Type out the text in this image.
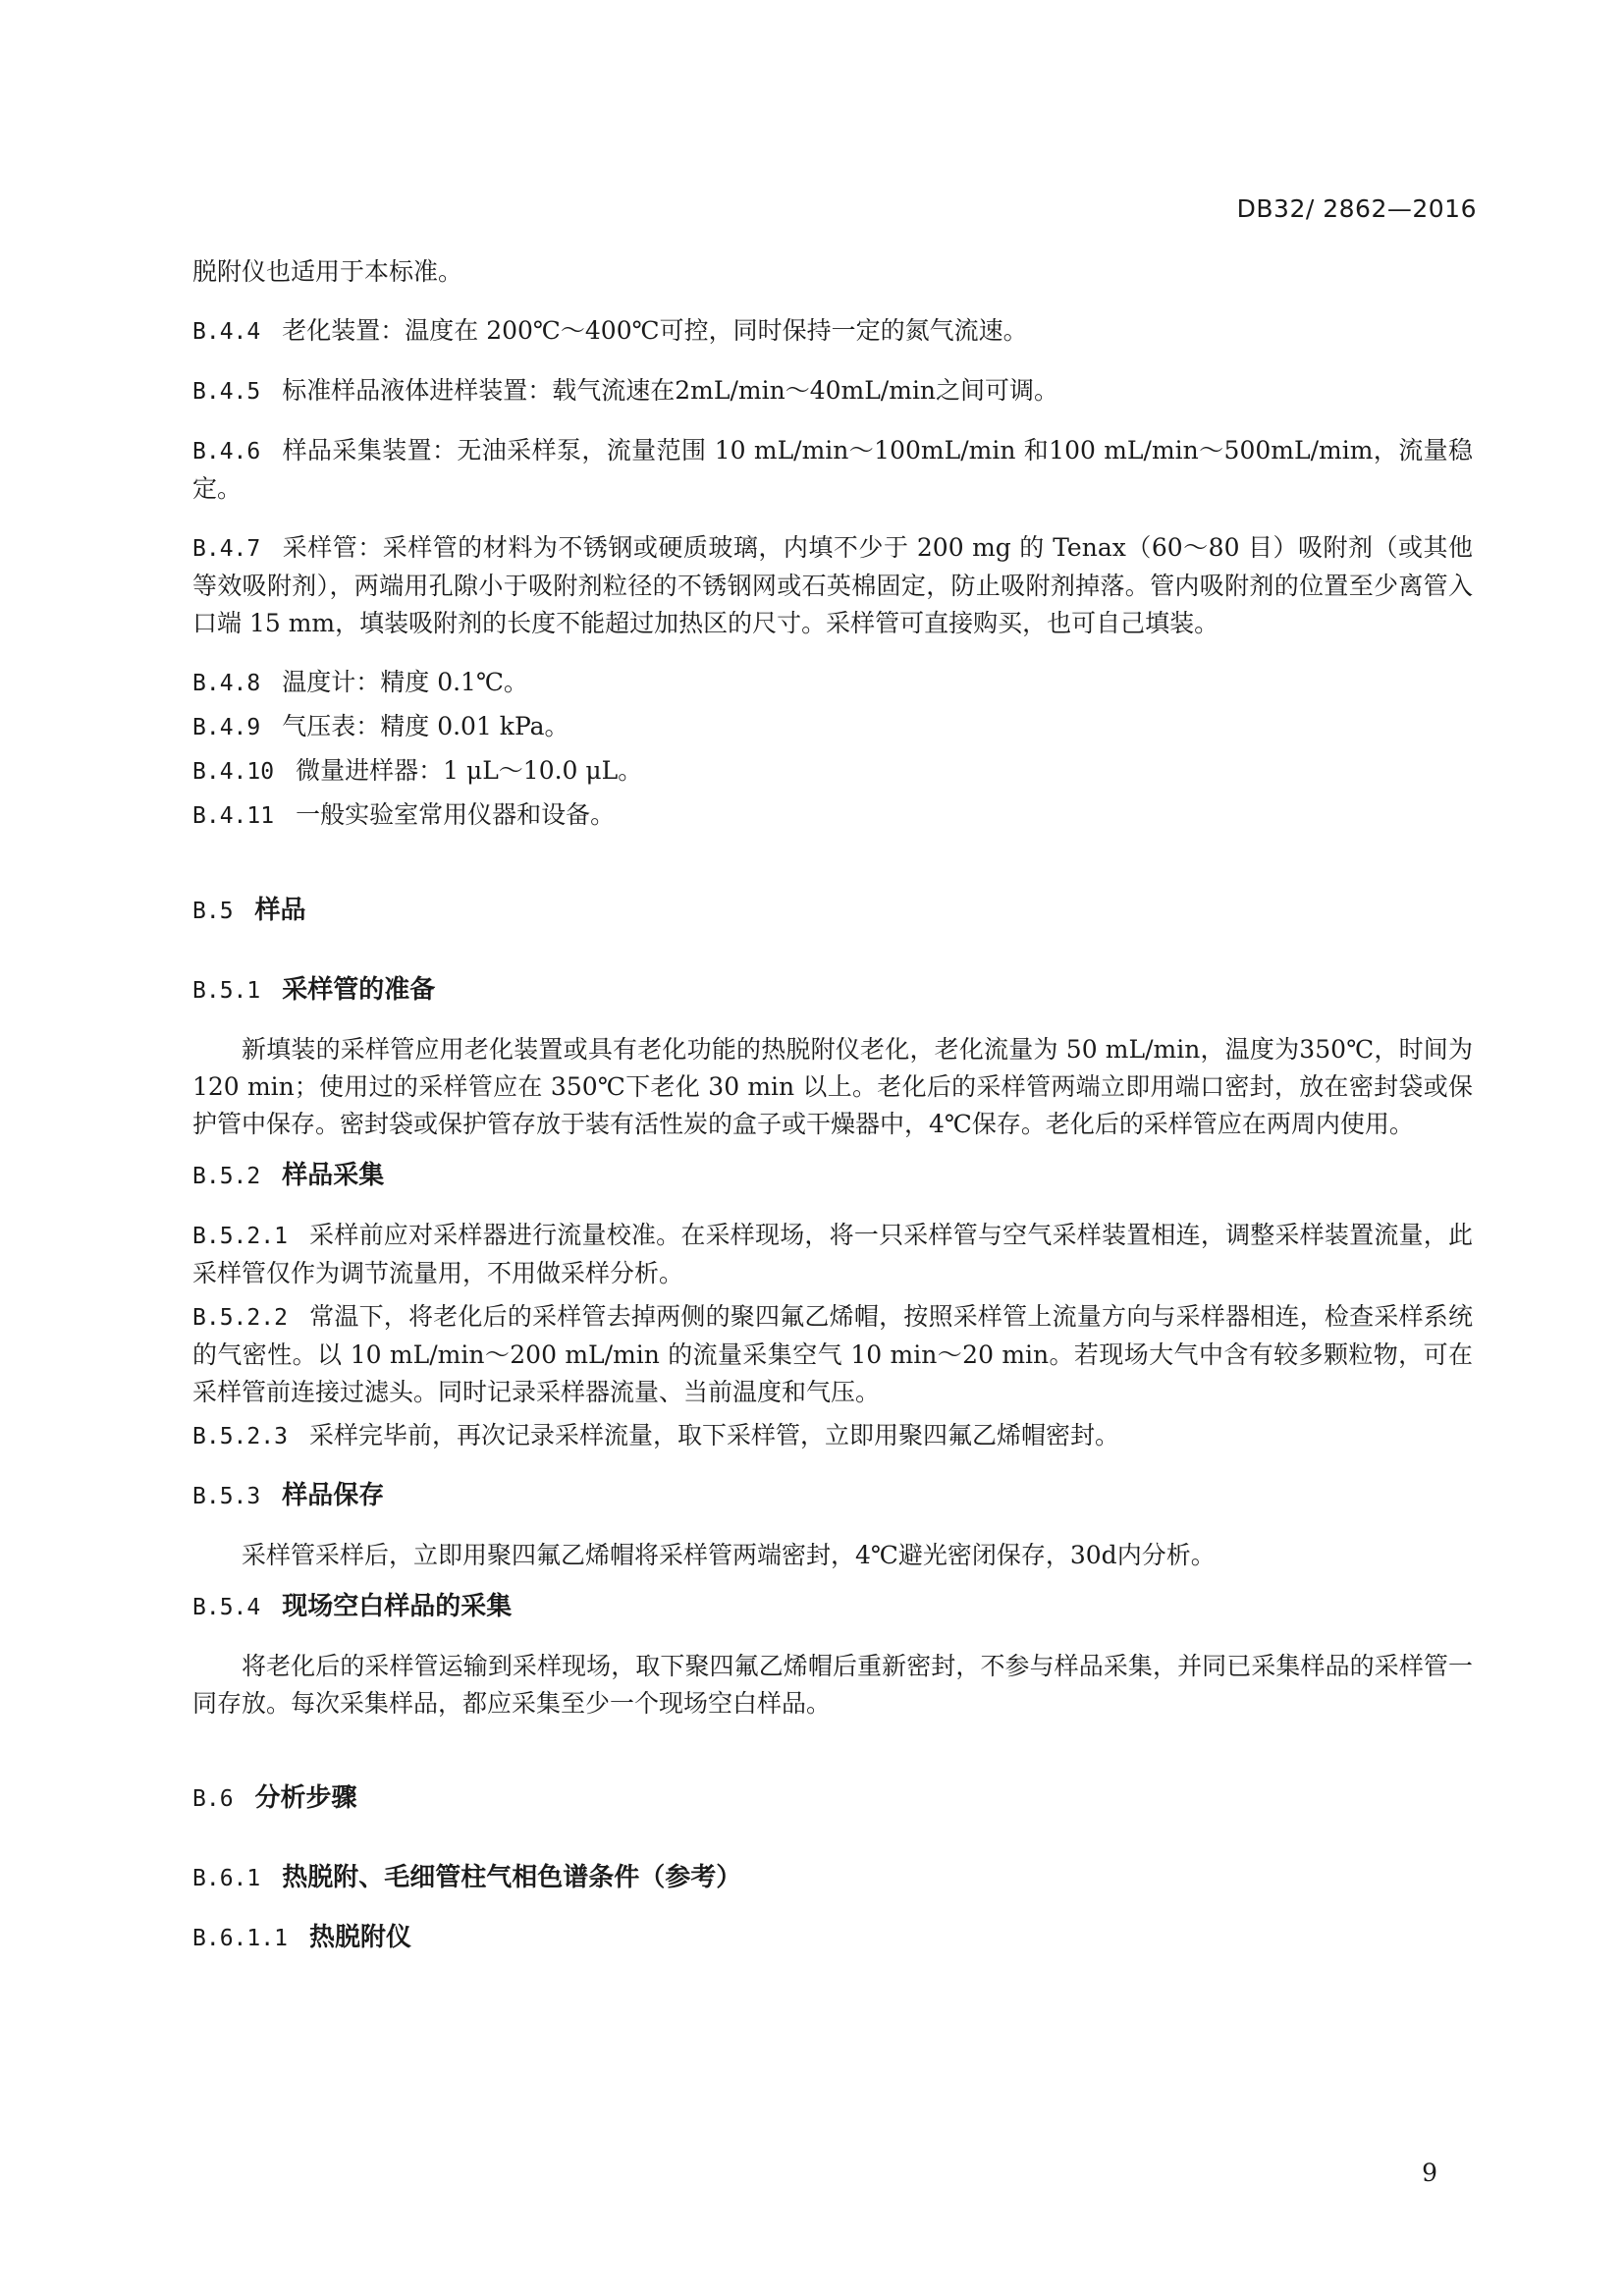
DB32/ 2862—2016
脱附仪也适用于本标准。
B.4.4 老化装置：温度在 200℃～400℃可控，同时保持一定的氮气流速。
B.4.5 标准样品液体进样装置：载气流速在2mL/min～40mL/min之间可调。
B.4.6 样品采集装置：无油采样泵，流量范围 10 mL/min～100mL/min 和100 mL/min～500mL/mim，流量稳定。
B.4.7 采样管：采样管的材料为不锈钢或硬质玻璃，内填不少于 200 mg 的 Tenax（60～80 目）吸附剂（或其他等效吸附剂），两端用孔隙小于吸附剂粒径的不锈钢网或石英棉固定，防止吸附剂掉落。管内吸附剂的位置至少离管入口端 15 mm，填装吸附剂的长度不能超过加热区的尺寸。采样管可直接购买，也可自己填装。
B.4.8 温度计：精度 0.1℃。
B.4.9 气压表：精度 0.01 kPa。
B.4.10 微量进样器：1 μL～10.0 μL。
B.4.11 一般实验室常用仪器和设备。
B.5 样品
B.5.1 采样管的准备
新填装的采样管应用老化装置或具有老化功能的热脱附仪老化，老化流量为 50 mL/min，温度为350℃，时间为 120 min；使用过的采样管应在 350℃下老化 30 min 以上。老化后的采样管两端立即用端口密封，放在密封袋或保护管中保存。密封袋或保护管存放于装有活性炭的盒子或干燥器中，4℃保存。老化后的采样管应在两周内使用。
B.5.2 样品采集
B.5.2.1 采样前应对采样器进行流量校准。在采样现场，将一只采样管与空气采样装置相连，调整采样装置流量，此采样管仅作为调节流量用，不用做采样分析。
B.5.2.2 常温下，将老化后的采样管去掉两侧的聚四氟乙烯帽，按照采样管上流量方向与采样器相连，检查采样系统的气密性。以 10 mL/min～200 mL/min 的流量采集空气 10 min～20 min。若现场大气中含有较多颗粒物，可在采样管前连接过滤头。同时记录采样器流量、当前温度和气压。
B.5.2.3 采样完毕前，再次记录采样流量，取下采样管，立即用聚四氟乙烯帽密封。
B.5.3 样品保存
采样管采样后，立即用聚四氟乙烯帽将采样管两端密封，4℃避光密闭保存，30d内分析。
B.5.4 现场空白样品的采集
将老化后的采样管运输到采样现场，取下聚四氟乙烯帽后重新密封，不参与样品采集，并同已采集样品的采样管一同存放。每次采集样品，都应采集至少一个现场空白样品。
B.6 分析步骤
B.6.1 热脱附、毛细管柱气相色谱条件（参考）
B.6.1.1 热脱附仪
9
